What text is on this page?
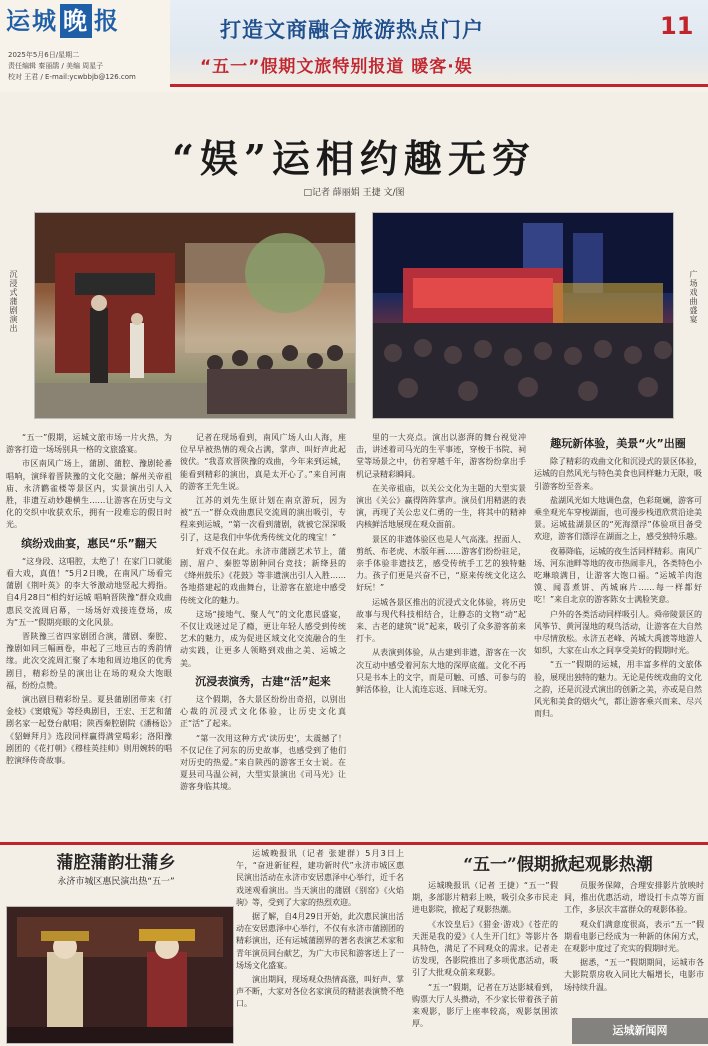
运城 晚 报
2025年5月6日/星期二
责任编辑 秦丽鹃 / 美编 周星子
校对 王君 / E-mail:ycwbbjb@126.com
打造文商融合旅游热点门户
“五一”假期文旅特别报道 暖客·娱
11
“娱”运相约趣无穷
□记者 薛丽娟 王捷 文/图
沉浸式蒲剧演出	广场戏曲盛宴

“五一”假期，运城文旅市场一片火热，为游客打造一场场别具一格的文旅盛宴。

市区南风广场上，蒲剧、蒲腔、豫剧轮番唱响，演绎着晋陕豫的文化交融；解州关帝祖庙、永济鹳雀楼等景区内，实景演出引人入胜，非遗互动妙趣横生……让游客在历史与文化的交织中收获欢乐，拥有一段难忘的假日时光。

缤纷戏曲宴，惠民“乐”翻天

“这身段、这唱腔，太绝了！在家门口就能看大戏，真值！”5月2日晚，在南风广场看完蒲剧《荆叶英》的李大爷激动地竖起大拇指。自4月28日“相约好运城 唱响晋陕豫”群众戏曲惠民交流周启幕，一场场好戏接连登场，成为“五一”假期亮眼的文化风景。

晋陕豫三省四家剧团合演，蒲剧、秦腔、豫剧如同三幅画卷，串起了三地亘古的秀韵情缘。此次交流周汇聚了本地和周边地区的优秀剧目，精彩纷呈的演出让在场的观众大饱眼福，纷纷点赞。

演出剧目精彩纷呈。夏县蒲剧团带来《打金枝》《窦娥冤》等经典剧目，王宏、王艺和蒲剧名家一起登台献唱；陕西秦腔剧院《潘杨讼》《貂蝉拜月》选段同样赢得满堂喝彩；洛阳豫剧团的《花打朝》《穆桂英挂帅》则用婉转的唱腔演绎传奇故事。

记者在现场看到，南风广场人山人海，座位早早被热情的观众占满，掌声、叫好声此起彼伏。“我喜欢晋陕豫的戏曲，今年来到运城，能看到精彩的演出，真是太开心了。”来自河南的游客王先生说。

江苏的刘先生原计划在南京游玩，因为被“五一”群众戏曲惠民交流周的演出吸引，专程来到运城，“第一次看到蒲剧，就被它深深吸引了，这是我们中华优秀传统文化的瑰宝！”

好戏不仅在此。永济市蒲剧艺术节上，蒲剧、眉户、秦腔等剧种同台竞技；新绛县的《绛州鼓乐》《花鼓》等非遗演出引人入胜……各地搭建起的戏曲舞台，让游客在旅途中感受传统文化的魅力。

这场“接地气、聚人气”的文化惠民盛宴，不仅让戏迷过足了瘾，更让年轻人感受到传统艺术的魅力，成为促进区域文化交流融合的生动实践，让更多人领略到戏曲之美、运城之美。

沉浸表演秀，古建“活”起来

这个假期，各大景区纷纷出奇招，以别出心裁的沉浸式文化体验，让历史文化真正“活”了起来。

“第一次用这种方式‘读历史’，太震撼了！不仅记住了河东的历史故事，也感受到了他们对历史的热爱。”来自陕西的游客王女士说。在夏县司马温公祠，大型实景演出《司马光》让游客身临其境。

里的一大亮点。演出以澎湃的舞台视觉冲击，讲述着司马光的生平事迹，穿梭于书院、祠堂等场景之中，仿若穿越千年，游客纷纷拿出手机记录精彩瞬间。

在关帝祖庙，以关公文化为主题的大型实景演出《关公》赢得阵阵掌声。演员们用精湛的表演，再现了关公忠义仁勇的一生，将其中的精神内核鲜活地展现在观众面前。

景区的非遗体验区也是人气高涨。捏面人、剪纸、布老虎、木版年画……游客们纷纷驻足，亲手体验非遗技艺，感受传统手工艺的独特魅力。孩子们更是兴奋不已，“原来传统文化这么好玩！”

运城各景区推出的沉浸式文化体验，将历史故事与现代科技相结合，让静态的文物“动”起来、古老的建筑“说”起来，吸引了众多游客前来打卡。

从表演到体验，从古建到非遗，游客在一次次互动中感受着河东大地的深厚底蕴。文化不再只是书本上的文字，而是可触、可感、可参与的鲜活体验，让人流连忘返、回味无穷。

趣玩新体验，美景“火”出圈

除了精彩的戏曲文化和沉浸式的景区体验，运城的自然风光与特色美食也同样魅力无限，吸引游客纷至沓来。

盐湖风光如大地调色盘，色彩斑斓，游客可乘坐观光车穿梭湖面，也可漫步栈道欣赏沿途美景。运城盐湖景区的“死海漂浮”体验项目备受欢迎，游客们漂浮在湖面之上，感受独特乐趣。

夜幕降临，运城的夜生活同样精彩。南风广场、河东池畔等地的夜市热闹非凡，各类特色小吃琳琅满目，让游客大饱口福。“运城羊肉泡馍、闻喜煮饼、芮城麻片……每一样都好吃！”来自北京的游客陈女士满脸笑意。

户外的各类活动同样吸引人。舜帝陵景区的风筝节、黄河湿地的观鸟活动，让游客在大自然中尽情放松。永济五老峰、芮城大禹渡等地游人如织，大家在山水之间享受美好的假期时光。

“五一”假期的运城，用丰富多样的文旅体验，展现出独特的魅力。无论是传统戏曲的文化之韵，还是沉浸式演出的创新之美，亦或是自然风光和美食的烟火气，都让游客乘兴而来、尽兴而归。

蒲腔蒲韵壮蒲乡
永济市城区惠民演出热“五一”

运城晚报讯（记者 张建群）5月3日上午，“奋进新征程，建功新时代”永济市城区惠民演出活动在永济市安居惠泽中心举行，近千名戏迷观看演出。当天演出的蒲剧《别窑》《火焰驹》等，受到了大家的热烈欢迎。

据了解，自4月29日开始，此次惠民演出活动在安居惠泽中心举行，不仅有永济市蒲剧团的精彩演出，还有运城蒲剧界的著名表演艺术家和青年演员同台献艺，为广大市民和游客送上了一场场文化盛宴。

演出期间，现场观众热情高涨，叫好声、掌声不断，大家对各位名家演员的精湛表演赞不绝口。

“五一”假期掀起观影热潮

运城晚报讯（记者 王捷）“五一”假期，多部影片精彩上映，吸引众多市民走进电影院，掀起了观影热潮。

《水饺皇后》《猎金·游戏》《苍茫的天涯是我的爱》《人生开门红》等影片各具特色，满足了不同观众的需求。记者走访发现，各影院推出了多项优惠活动，吸引了大批观众前来观影。

“五一”假期，记者在万达影城看到，购票大厅人头攒动，不少家长带着孩子前来观影，影厅上座率较高，观影氛围浓厚。

员服务保障，合理安排影片放映时间，推出优惠活动，增设打卡点等方面工作，多层次丰富群众的观影体验。

观众们满意度很高，表示“五一”假期看电影已经成为一种新的休闲方式，在观影中度过了充实的假期时光。

据悉，“五一”假期期间，运城市各大影院票房收入同比大幅增长，电影市场持续升温。

运城新闻网
